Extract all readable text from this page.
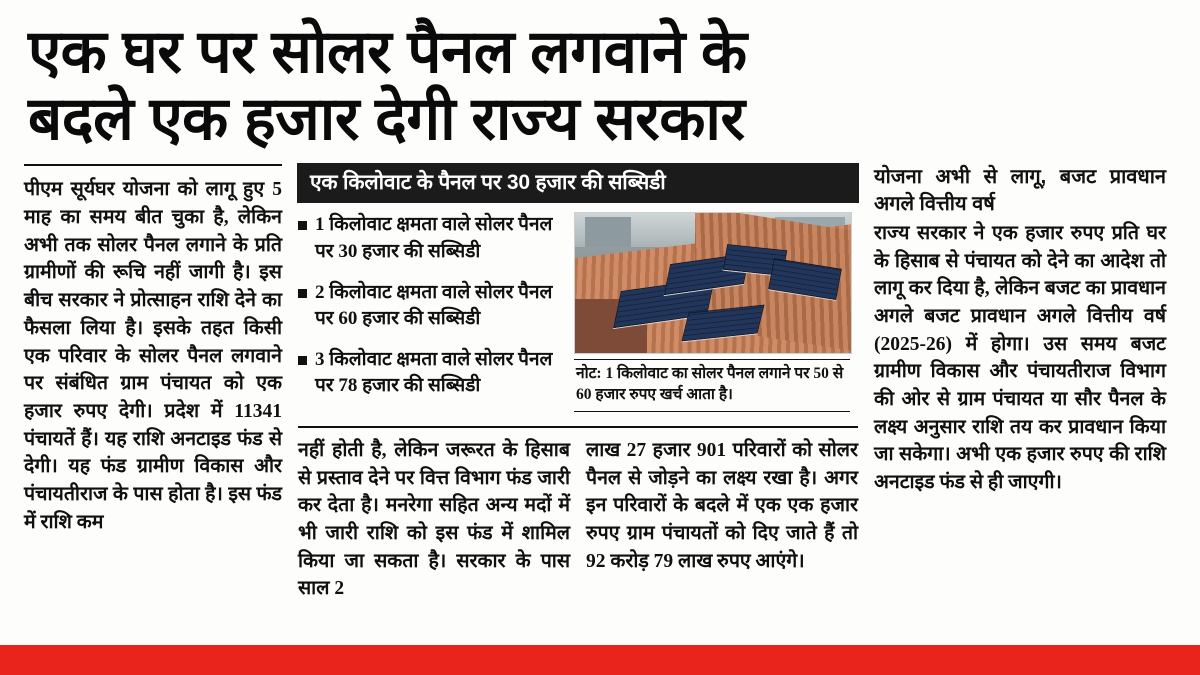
एक घर पर सोलर पैनल लगवाने के
बदले एक हजार देगी राज्य सरकार

पीएम सूर्यघर योजना को लागू हुए 5 माह का समय बीत चुका है, लेकिन अभी तक सोलर पैनल लगाने के प्रति ग्रामीणों की रूचि नहीं जागी है। इस बीच सरकार ने प्रोत्साहन राशि देने का फैसला लिया है। इसके तहत किसी एक परिवार के सोलर पैनल लगवाने पर संबंधित ग्राम पंचायत को एक हजार रुपए देगी। प्रदेश में 11341 पंचायतें हैं। यह राशि अनटाइड फंड से देगी। यह फंड ग्रामीण विकास और पंचायतीराज के पास होता है। इस फंड में राशि कम

एक किलोवाट के पैनल पर 30 हजार की सब्सिडी
1 किलोवाट क्षमता वाले सोलर पैनल पर 30 हजार की सब्सिडी
2 किलोवाट क्षमता वाले सोलर पैनल पर 60 हजार की सब्सिडी
3 किलोवाट क्षमता वाले सोलर पैनल पर 78 हजार की सब्सिडी
नोट: 1 किलोवाट का सोलर पैनल लगाने पर 50 से 60 हजार रुपए खर्च आता है।

नहीं होती है, लेकिन जरूरत के हिसाब से प्रस्ताव देने पर वित्त विभाग फंड जारी कर देता है। मनरेगा सहित अन्य मदों में भी जारी राशि को इस फंड में शामिल किया जा सकता है। सरकार के पास साल 2

लाख 27 हजार 901 परिवारों को सोलर पैनल से जोड़ने का लक्ष्य रखा है। अगर इन परिवारों के बदले में एक एक हजार रुपए ग्राम पंचायतों को दिए जाते हैं तो 92 करोड़ 79 लाख रुपए आएंगे।

योजना अभी से लागू, बजट प्रावधान अगले वित्तीय वर्ष

राज्य सरकार ने एक हजार रुपए प्रति घर के हिसाब से पंचायत को देने का आदेश तो लागू कर दिया है, लेकिन बजट का प्रावधान अगले बजट प्रावधान अगले वित्तीय वर्ष (2025-26) में होगा। उस समय बजट ग्रामीण विकास और पंचायतीराज विभाग की ओर से ग्राम पंचायत या सौर पैनल के लक्ष्य अनुसार राशि तय कर प्रावधान किया जा सकेगा। अभी एक हजार रुपए की राशि अनटाइड फंड से ही जाएगी।
